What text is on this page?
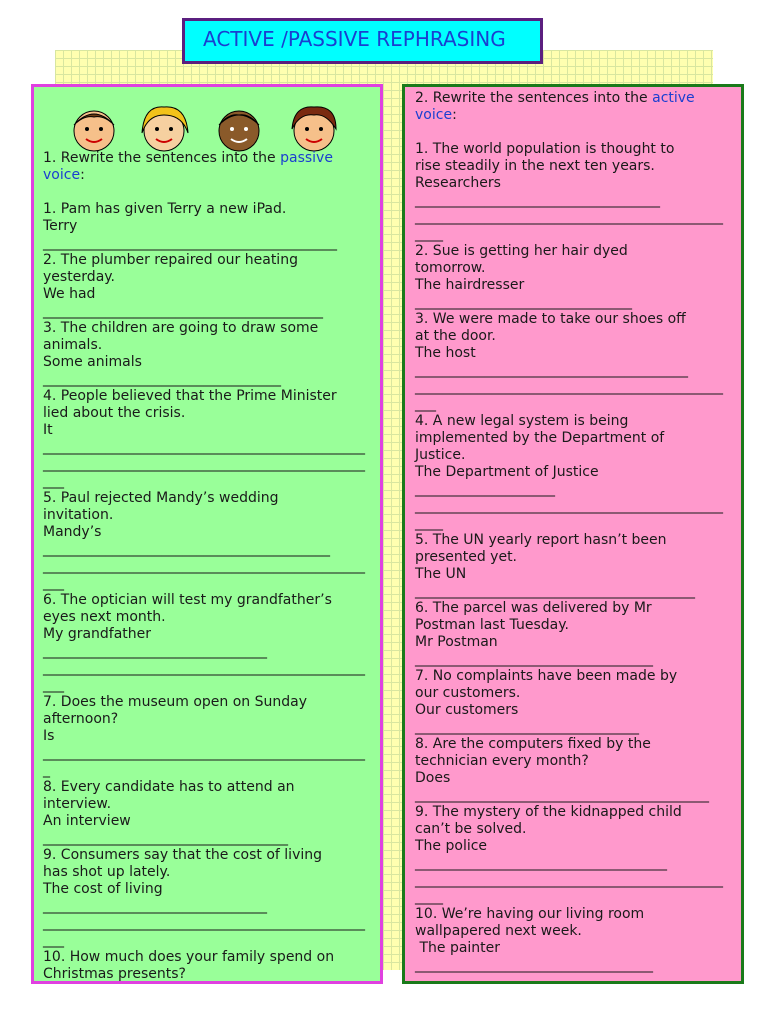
ACTIVE /PASSIVE REPHRASING
1. Rewrite the sentences into the passive
voice:
1. Pam has given Terry a new iPad.
Terry
__________________________________________
2. The plumber repaired our heating
yesterday.
We had
________________________________________
3. The children are going to draw some
animals.
Some animals
__________________________________
4. People believed that the Prime Minister
lied about the crisis.
It
______________________________________________
______________________________________________
___
5. Paul rejected Mandy’s wedding
invitation.
Mandy’s
_________________________________________
______________________________________________
___
6. The optician will test my grandfather’s
eyes next month.
My grandfather
________________________________
______________________________________________
___
7. Does the museum open on Sunday
afternoon?
Is
______________________________________________
_
8. Every candidate has to attend an
interview.
An interview
___________________________________
9. Consumers say that the cost of living
has shot up lately.
The cost of living
________________________________
______________________________________________
___
10. How much does your family spend on
Christmas presents?
2. Rewrite the sentences into the active
voice:
1. The world population is thought to
rise steadily in the next ten years.
Researchers
___________________________________
____________________________________________
____
2. Sue is getting her hair dyed
tomorrow.
The hairdresser
_______________________________
3. We were made to take our shoes off
at the door.
The host
_______________________________________
____________________________________________
___
4. A new legal system is being
implemented by the Department of
Justice.
The Department of Justice
____________________
____________________________________________
____
5. The UN yearly report hasn’t been
presented yet.
The UN
________________________________________
6. The parcel was delivered by Mr
Postman last Tuesday.
Mr Postman
__________________________________
7. No complaints have been made by
our customers.
Our customers
________________________________
8. Are the computers fixed by the
technician every month?
Does
__________________________________________
9. The mystery of the kidnapped child
can’t be solved.
The police
____________________________________
____________________________________________
____
10. We’re having our living room
wallpapered next week.
The painter
__________________________________
